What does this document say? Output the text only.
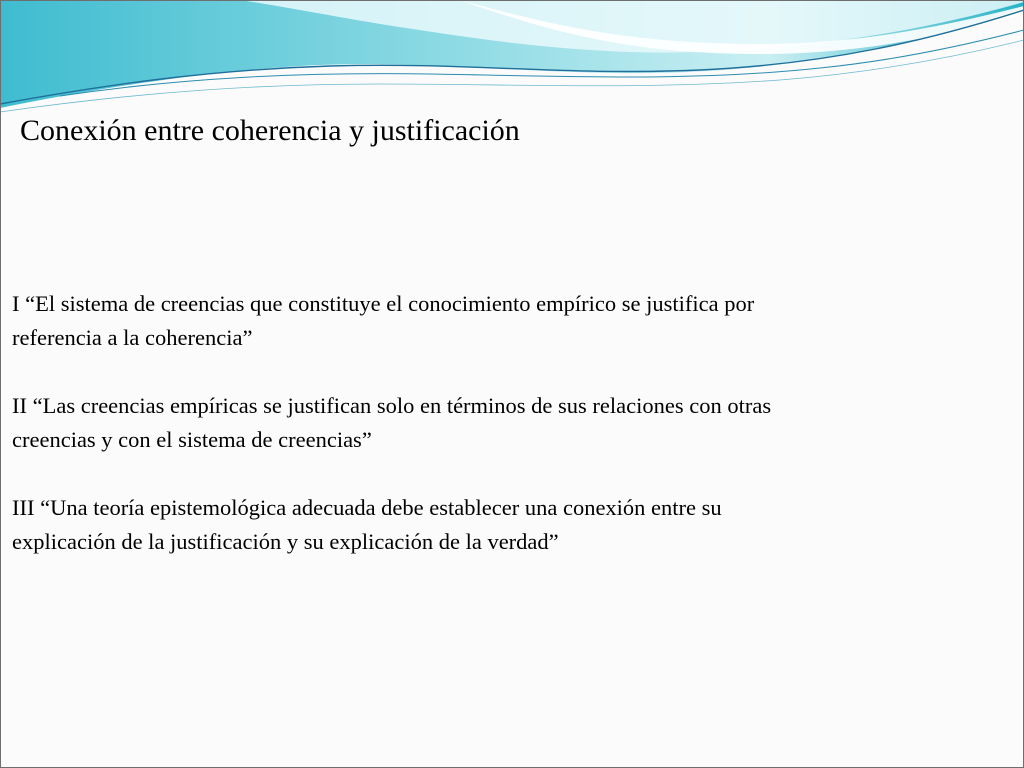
Conexión entre coherencia y justificación

I “El sistema de creencias que constituye el conocimiento empírico se justifica por
referencia a la coherencia”

II “Las creencias empíricas se justifican solo en términos de sus relaciones con otras
creencias y con el sistema de creencias”

III “Una teoría epistemológica adecuada debe establecer una conexión entre su
explicación de la justificación y su explicación de la verdad”
